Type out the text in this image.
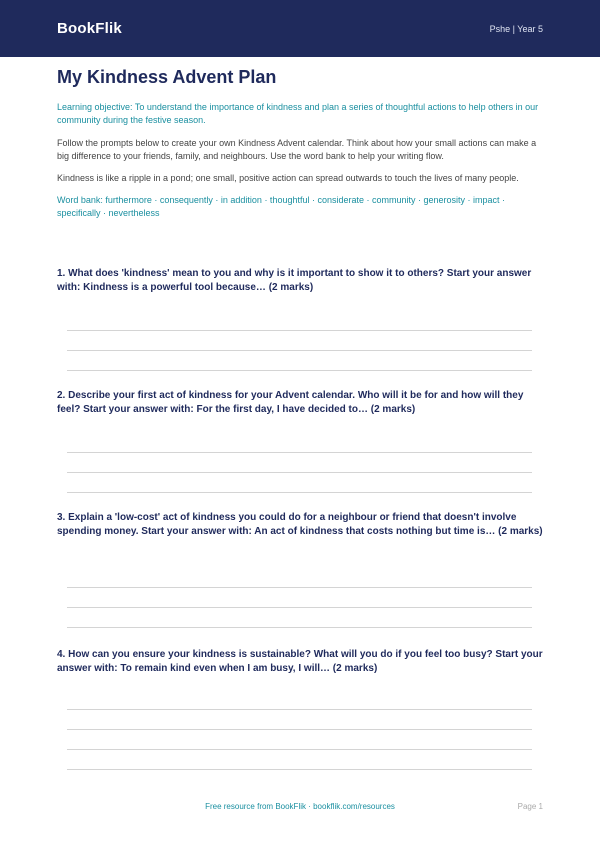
BookFlik	Pshe | Year 5
My Kindness Advent Plan
Learning objective: To understand the importance of kindness and plan a series of thoughtful actions to help others in our community during the festive season.
Follow the prompts below to create your own Kindness Advent calendar. Think about how your small actions can make a big difference to your friends, family, and neighbours. Use the word bank to help your writing flow.
Kindness is like a ripple in a pond; one small, positive action can spread outwards to touch the lives of many people.
Word bank: furthermore · consequently · in addition · thoughtful · considerate · community · generosity · impact · specifically · nevertheless
1. What does 'kindness' mean to you and why is it important to show it to others? Start your answer with: Kindness is a powerful tool because… (2 marks)
2. Describe your first act of kindness for your Advent calendar. Who will it be for and how will they feel? Start your answer with: For the first day, I have decided to… (2 marks)
3. Explain a 'low-cost' act of kindness you could do for a neighbour or friend that doesn't involve spending money. Start your answer with: An act of kindness that costs nothing but time is… (2 marks)
4. How can you ensure your kindness is sustainable? What will you do if you feel too busy? Start your answer with: To remain kind even when I am busy, I will… (2 marks)
Free resource from BookFlik · bookflik.com/resources	Page 1
